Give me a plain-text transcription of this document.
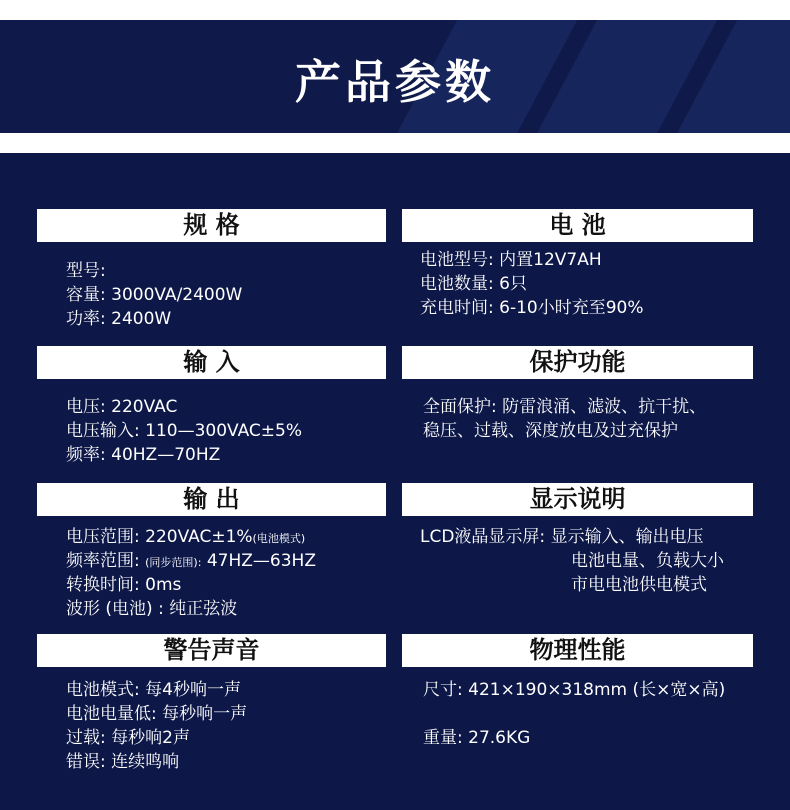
产品参数
规 格
型号:
容量: 3000VA/2400W
功率: 2400W
电 池
电池型号: 内置12V7AH
电池数量: 6只
充电时间: 6-10小时充至90%
输 入
电压: 220VAC
电压输入: 110—300VAC±5%
频率: 40HZ—70HZ
保护功能
全面保护: 防雷浪涌、滤波、抗干扰、
稳压、过载、深度放电及过充保护
输 出
电压范围: 220VAC±1%(电池模式)
频率范围: (同步范围): 47HZ—63HZ
转换时间: 0ms
波形 (电池) : 纯正弦波
显示说明
LCD液晶显示屏: 显示输入、输出电压
电池电量、负载大小
市电电池供电模式
警告声音
电池模式: 每4秒响一声
电池电量低: 每秒响一声
过载: 每秒响2声
错误: 连续鸣响
物理性能
尺寸: 421×190×318mm (长×宽×高)
重量: 27.6KG
